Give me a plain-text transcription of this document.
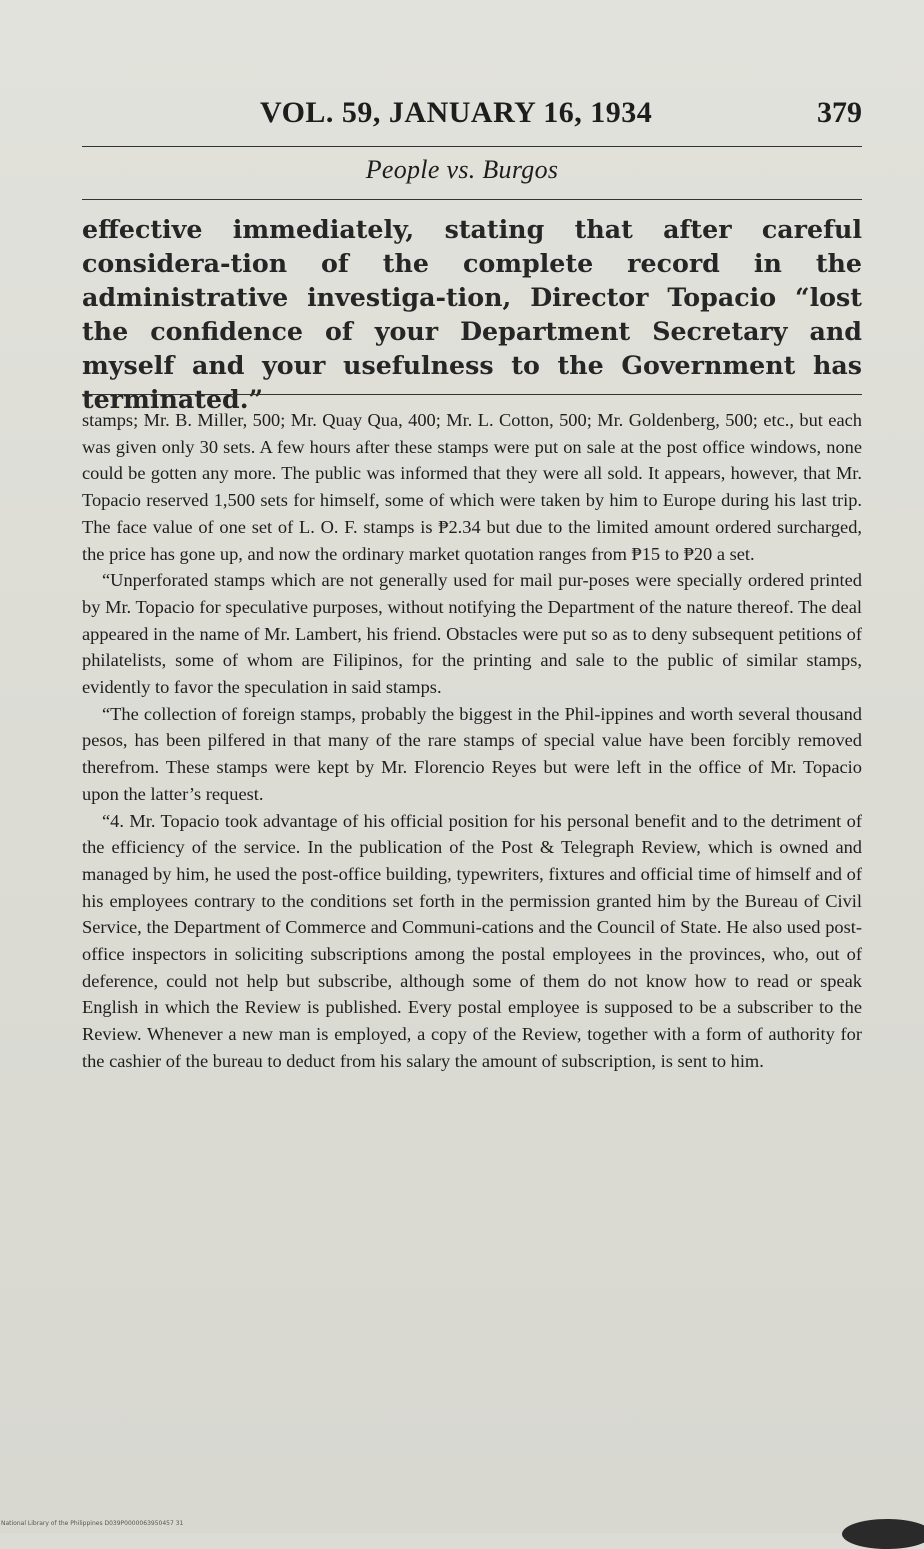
VOL. 59, JANUARY 16, 1934	379
People vs. Burgos

effective immediately, stating that after careful considera-tion of the complete record in the administrative investiga-tion, Director Topacio “lost the confidence of your Department Secretary and myself and your usefulness to the Government has terminated.”

stamps; Mr. B. Miller, 500; Mr. Quay Qua, 400; Mr. L. Cotton, 500; Mr. Goldenberg, 500; etc., but each was given only 30 sets. A few hours after these stamps were put on sale at the post office windows, none could be gotten any more. The public was informed that they were all sold. It appears, however, that Mr. Topacio reserved 1,500 sets for himself, some of which were taken by him to Europe during his last trip. The face value of one set of L. O. F. stamps is ₱2.34 but due to the limited amount ordered surcharged, the price has gone up, and now the ordinary market quotation ranges from ₱15 to ₱20 a set.

“Unperforated stamps which are not generally used for mail pur-poses were specially ordered printed by Mr. Topacio for speculative purposes, without notifying the Department of the nature thereof. The deal appeared in the name of Mr. Lambert, his friend. Obstacles were put so as to deny subsequent petitions of philatelists, some of whom are Filipinos, for the printing and sale to the public of similar stamps, evidently to favor the speculation in said stamps.

“The collection of foreign stamps, probably the biggest in the Phil-ippines and worth several thousand pesos, has been pilfered in that many of the rare stamps of special value have been forcibly removed therefrom. These stamps were kept by Mr. Florencio Reyes but were left in the office of Mr. Topacio upon the latter’s request.

“4. Mr. Topacio took advantage of his official position for his personal benefit and to the detriment of the efficiency of the service. In the publication of the Post & Telegraph Review, which is owned and managed by him, he used the post-office building, typewriters, fixtures and official time of himself and of his employees contrary to the conditions set forth in the permission granted him by the Bureau of Civil Service, the Department of Commerce and Communi-cations and the Council of State. He also used post-office inspectors in soliciting subscriptions among the postal employees in the provinces, who, out of deference, could not help but subscribe, although some of them do not know how to read or speak English in which the Review is published. Every postal employee is supposed to be a subscriber to the Review. Whenever a new man is employed, a copy of the Review, together with a form of authority for the cashier of the bureau to deduct from his salary the amount of subscription, is sent to him.

National Library of the Philippines D039P0000063950457 31
